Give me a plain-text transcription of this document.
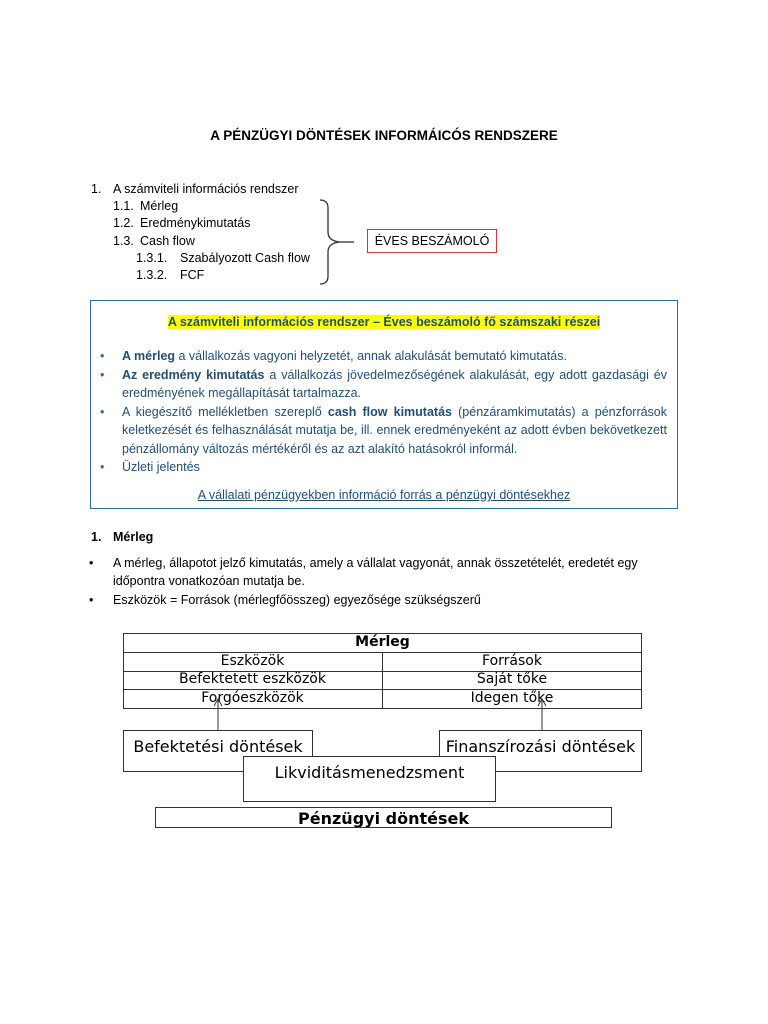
A PÉNZÜGYI DÖNTÉSEK INFORMÁICÓS RENDSZERE
1. A számviteli információs rendszer
1.1. Mérleg
1.2. Eredménykimutatás
1.3. Cash flow
1.3.1. Szabályozott Cash flow
1.3.2. FCF
ÉVES BESZÁMOLÓ
A számviteli információs rendszer – Éves beszámoló fő számszaki részei
• A mérleg a vállalkozás vagyoni helyzetét, annak alakulását bemutató kimutatás.
• Az eredmény kimutatás a vállalkozás jövedelmezőségének alakulását, egy adott gazdasági év eredményének megállapítását tartalmazza.
• A kiegészítő mellékletben szereplő cash flow kimutatás (pénzáramkimutatás) a pénzforrások keletkezését és felhasználását mutatja be, ill. ennek eredményeként az adott évben bekövetkezett pénzállomány változás mértékéről és az azt alakító hatásokról informál.
• Üzleti jelentés
A vállalati pénzügyekben információ forrás a pénzügyi döntésekhez
1. Mérleg
• A mérleg, állapotot jelző kimutatás, amely a vállalat vagyonát, annak összetételét, eredetét egy időpontra vonatkozóan mutatja be.
• Eszközök = Források (mérlegfőösszeg) egyezősége szükségszerű
Mérleg
Eszközök	Források
Befektetett eszközök	Saját tőke
Forgóeszközök	Idegen tőke
Befektetési döntések	Finanszírozási döntések
Likviditásmenedzsment
Pénzügyi döntések
